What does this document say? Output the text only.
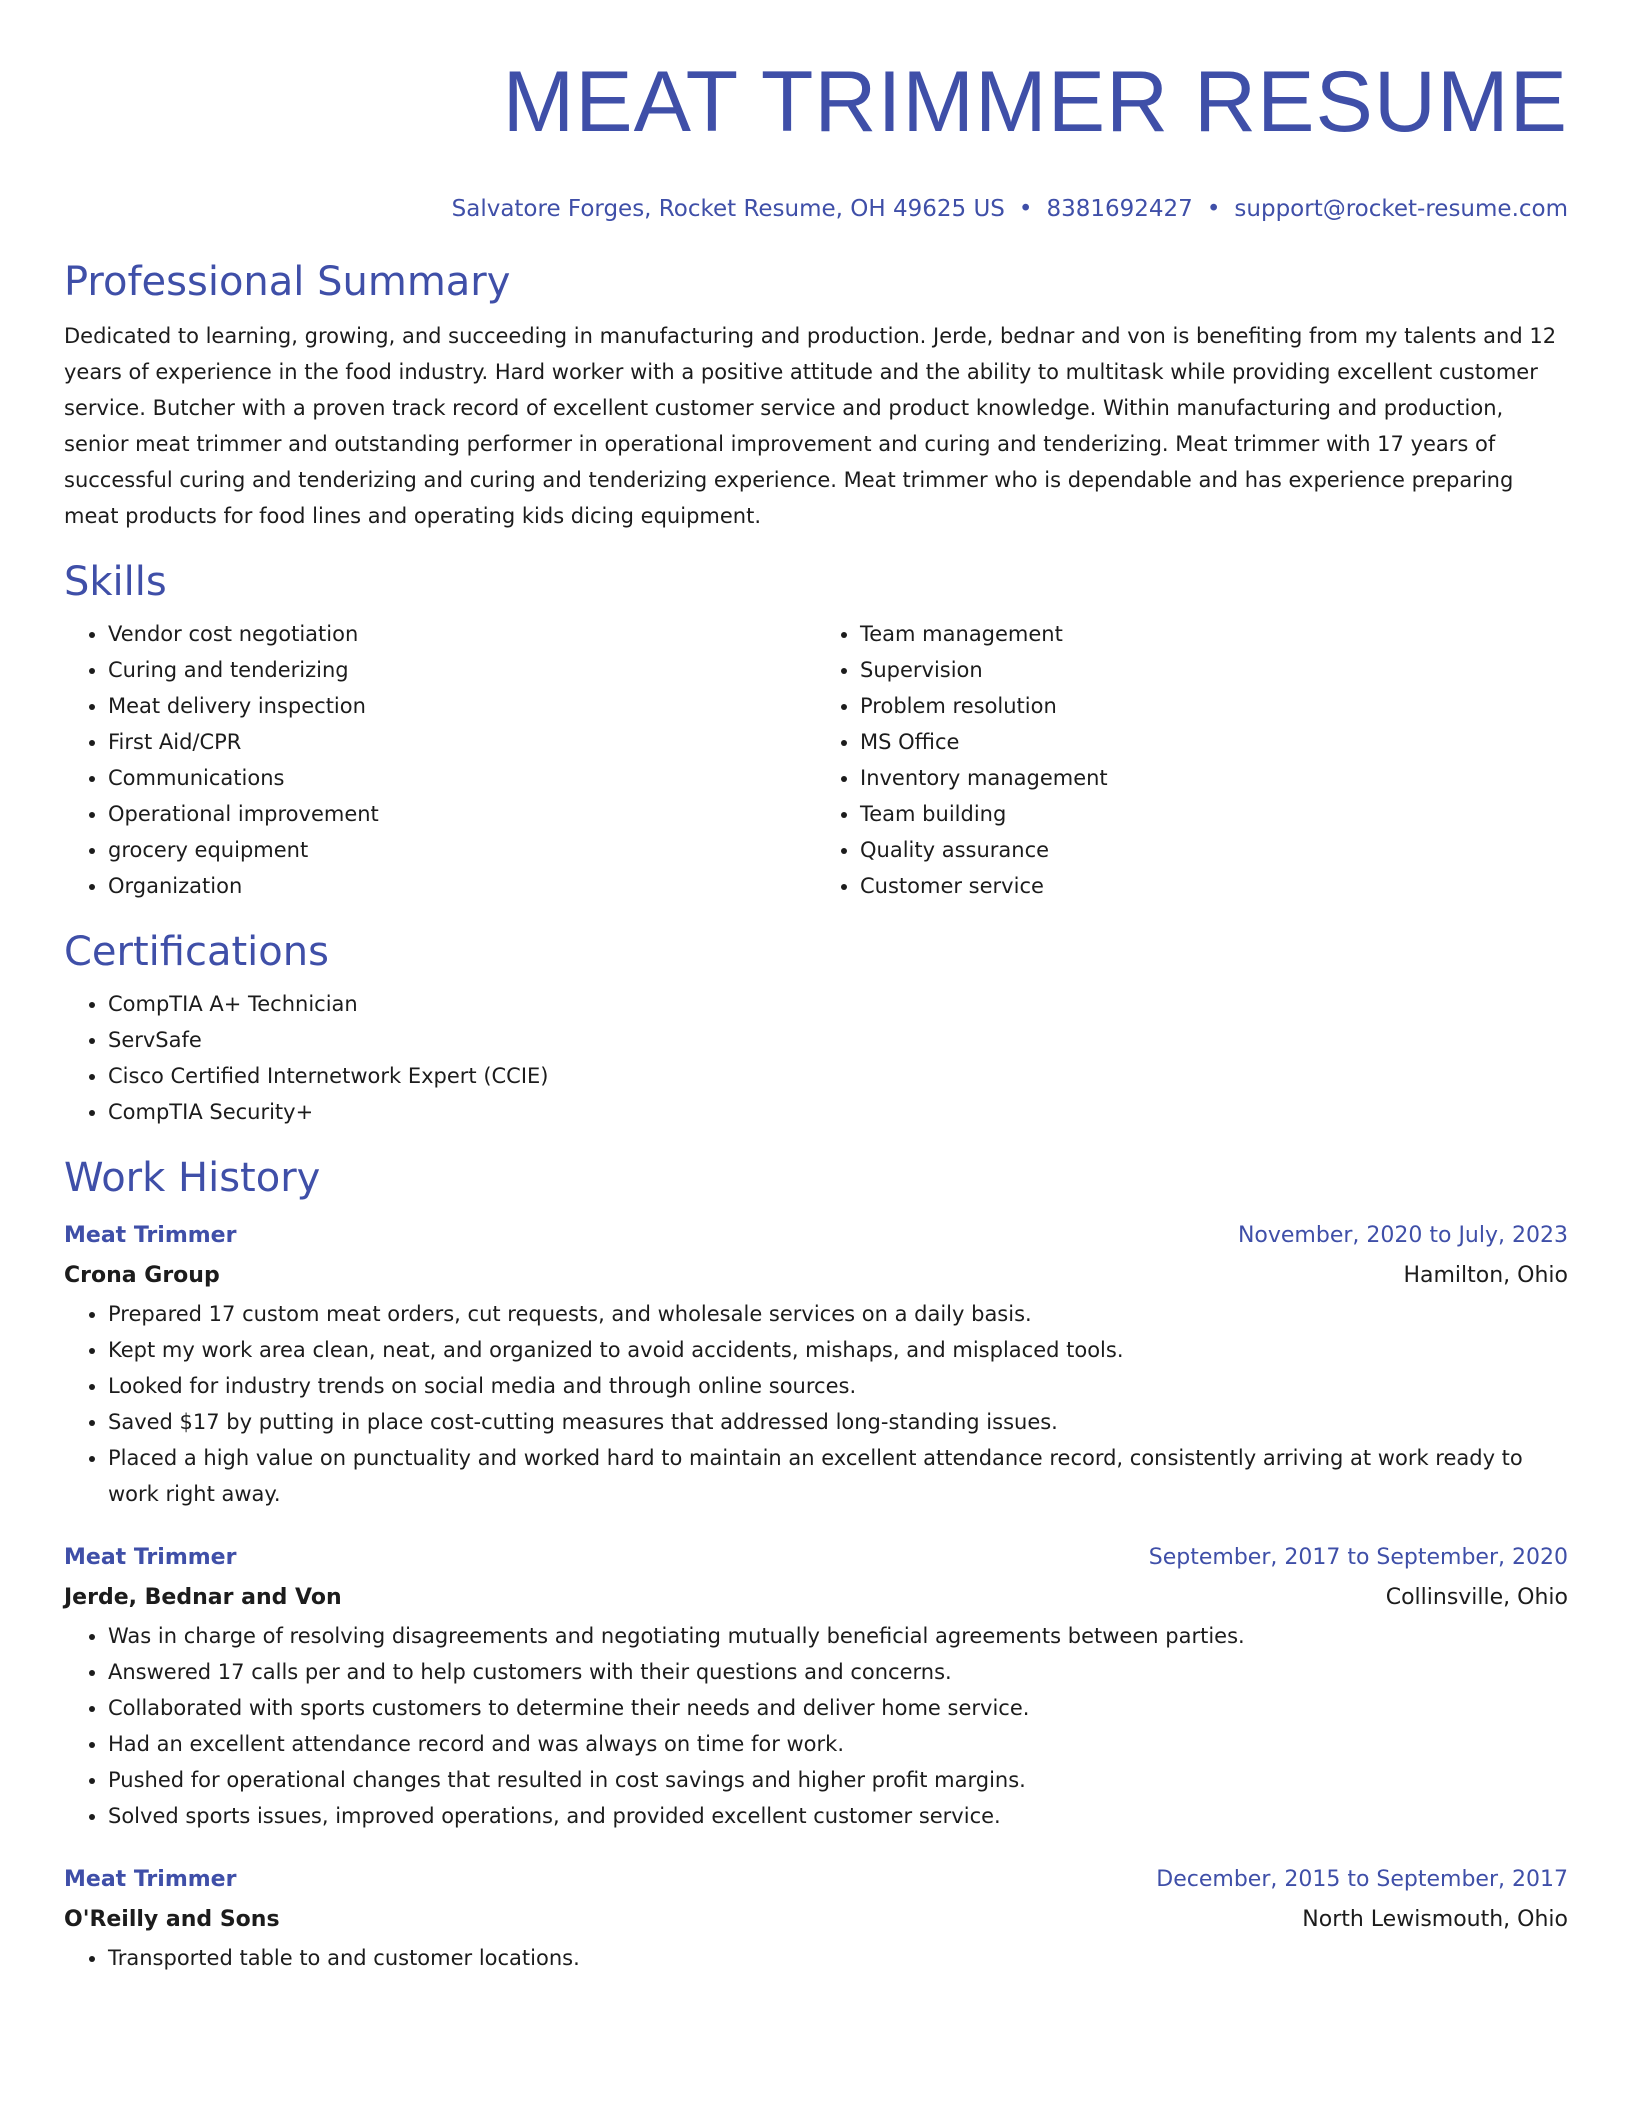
MEAT TRIMMER RESUME
Salvatore Forges, Rocket Resume, OH 49625 US • 8381692427 • support@rocket-resume.com
Professional Summary

Dedicated to learning, growing, and succeeding in manufacturing and production. Jerde, bednar and von is benefiting from my talents and 12 years of experience in the food industry. Hard worker with a positive attitude and the ability to multitask while providing excellent customer service. Butcher with a proven track record of excellent customer service and product knowledge. Within manufacturing and production, senior meat trimmer and outstanding performer in operational improvement and curing and tenderizing. Meat trimmer with 17 years of successful curing and tenderizing and curing and tenderizing experience. Meat trimmer who is dependable and has experience preparing meat products for food lines and operating kids dicing equipment.

Skills
• Vendor cost negotiation
• Curing and tenderizing
• Meat delivery inspection
• First Aid/CPR
• Communications
• Operational improvement
• grocery equipment
• Organization
• Team management
• Supervision
• Problem resolution
• MS Office
• Inventory management
• Team building
• Quality assurance
• Customer service
Certifications
• CompTIA A+ Technician
• ServSafe
• Cisco Certified Internetwork Expert (CCIE)
• CompTIA Security+
Work History
Meat Trimmer	November, 2020 to July, 2023
Crona Group	Hamilton, Ohio
• Prepared 17 custom meat orders, cut requests, and wholesale services on a daily basis.
• Kept my work area clean, neat, and organized to avoid accidents, mishaps, and misplaced tools.
• Looked for industry trends on social media and through online sources.
• Saved $17 by putting in place cost-cutting measures that addressed long-standing issues.
• Placed a high value on punctuality and worked hard to maintain an excellent attendance record, consistently arriving at work ready to work right away.
Meat Trimmer	September, 2017 to September, 2020
Jerde, Bednar and Von	Collinsville, Ohio
• Was in charge of resolving disagreements and negotiating mutually beneficial agreements between parties.
• Answered 17 calls per and to help customers with their questions and concerns.
• Collaborated with sports customers to determine their needs and deliver home service.
• Had an excellent attendance record and was always on time for work.
• Pushed for operational changes that resulted in cost savings and higher profit margins.
• Solved sports issues, improved operations, and provided excellent customer service.
Meat Trimmer	December, 2015 to September, 2017
O'Reilly and Sons	North Lewismouth, Ohio
• Transported table to and customer locations.
